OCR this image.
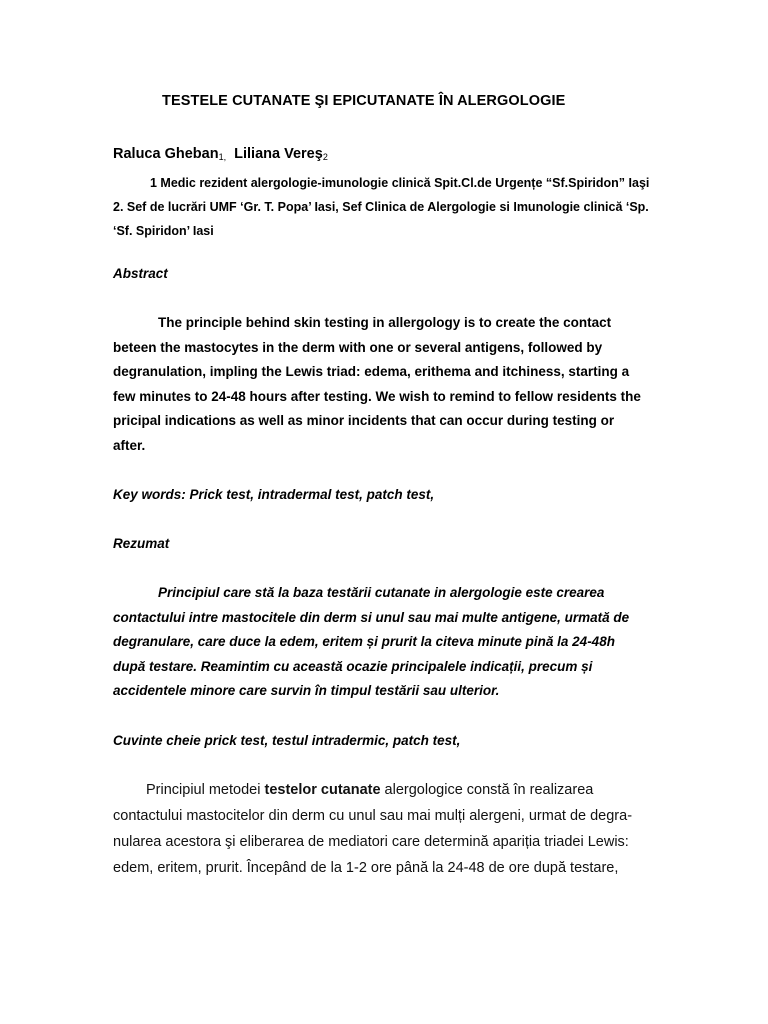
TESTELE CUTANATE ŞI EPICUTANATE ÎN ALERGOLOGIE
Raluca Gheban$_{1,}$ Liliana Vereş$_2$
1 Medic rezident alergologie-imunologie clinică Spit.Cl.de Urgențe “Sf.Spiridon” Iaşi
2. Sef de lucrări UMF ‘Gr. T. Popa’ Iasi, Sef Clinica de Alergologie si Imunologie clinică ‘Sp.
‘Sf. Spiridon’ Iasi
Abstract
The principle behind skin testing in allergology is to create the contact
beteen the mastocytes in the derm with one or several antigens, followed by
degranulation, impling the Lewis triad: edema, erithema and itchiness, starting a
few minutes to 24-48 hours after testing. We wish to remind to fellow residents the
pricipal indications as well as minor incidents that can occur during testing or
after.
Key words: Prick test, intradermal test, patch test,
Rezumat
Principiul care stă la baza testării cutanate in alergologie este crearea
contactului intre mastocitele din derm si unul sau mai multe antigene, urmată de
degranulare, care duce la edem, eritem și prurit la citeva minute pină la 24-48h
după testare. Reamintim cu această ocazie principalele indicații, precum și
accidentele minore care survin în timpul testării sau ulterior.
Cuvinte cheie prick test, testul intradermic, patch test,
Principiul metodei testelor cutanate alergologice constă în realizarea
contactului mastocitelor din derm cu unul sau mai mulți alergeni, urmat de degra-
nularea acestora şi eliberarea de mediatori care determină apariția triadei Lewis:
edem, eritem, prurit. Începând de la 1-2 ore până la 24-48 de ore după testare,
